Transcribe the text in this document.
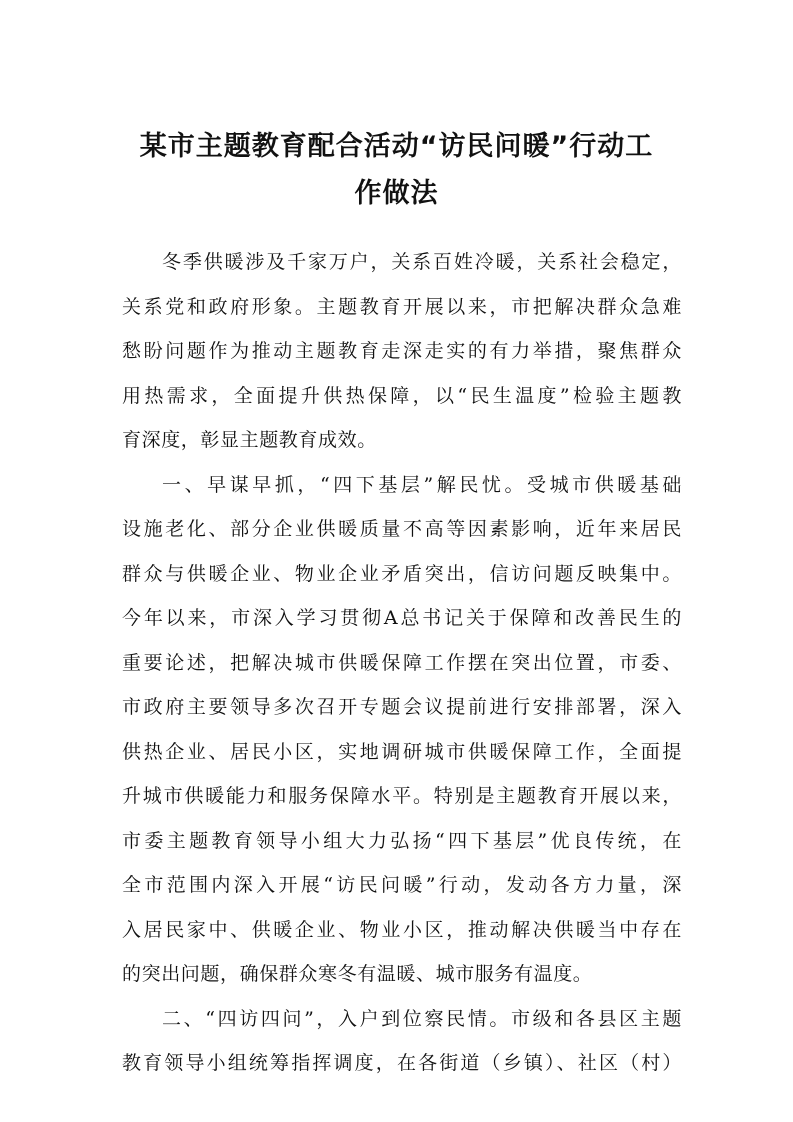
某市主题教育配合活动“访民问暖”行动工
作做法
冬季供暖涉及千家万户，关系百姓冷暖，关系社会稳定，
关系党和政府形象。主题教育开展以来，市把解决群众急难
愁盼问题作为推动主题教育走深走实的有力举措，聚焦群众
用热需求，全面提升供热保障，以“民生温度”检验主题教
育深度，彰显主题教育成效。
一、早谋早抓，“四下基层”解民忧。受城市供暖基础
设施老化、部分企业供暖质量不高等因素影响，近年来居民
群众与供暖企业、物业企业矛盾突出，信访问题反映集中。
今年以来，市深入学习贯彻A总书记关于保障和改善民生的
重要论述，把解决城市供暖保障工作摆在突出位置，市委、
市政府主要领导多次召开专题会议提前进行安排部署，深入
供热企业、居民小区，实地调研城市供暖保障工作，全面提
升城市供暖能力和服务保障水平。特别是主题教育开展以来，
市委主题教育领导小组大力弘扬“四下基层”优良传统，在
全市范围内深入开展“访民问暖”行动，发动各方力量，深
入居民家中、供暖企业、物业小区，推动解决供暖当中存在
的突出问题，确保群众寒冬有温暖、城市服务有温度。
二、“四访四问”，入户到位察民情。市级和各县区主题
教育领导小组统筹指挥调度，在各街道（乡镇）、社区（村）
